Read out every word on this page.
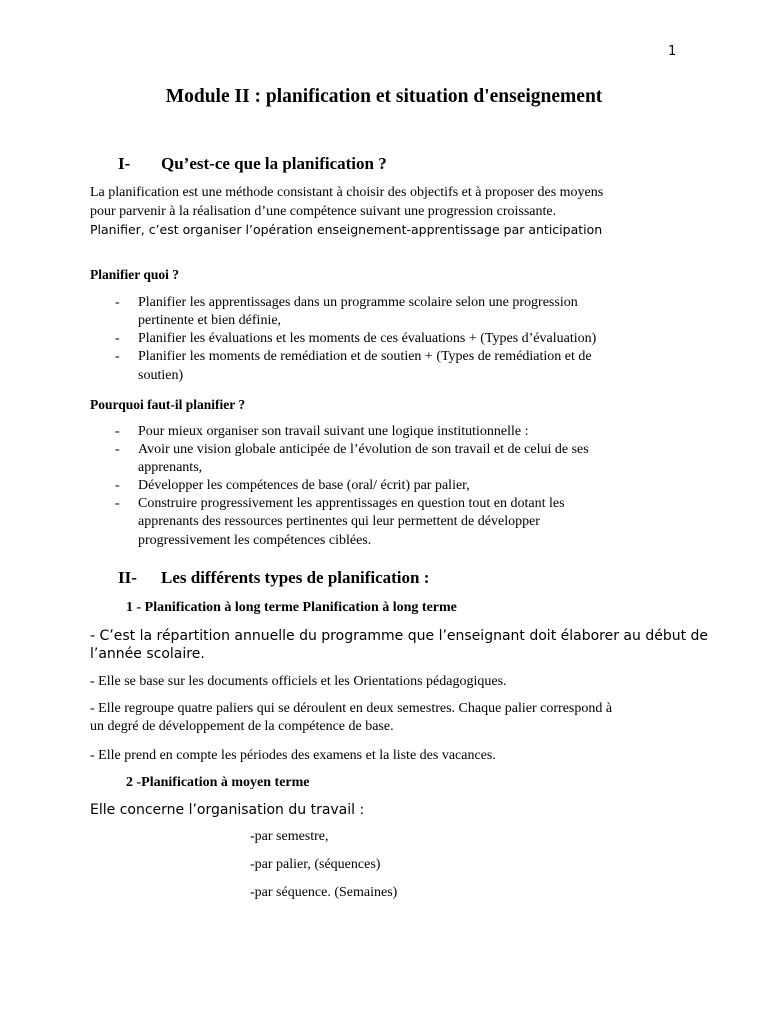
1
Module II : planification et situation d'enseignement
I- Qu’est-ce que la planification ?
La planification est une méthode consistant à choisir des objectifs et à proposer des moyens
pour parvenir à la réalisation d’une compétence suivant une progression croissante.
Planifier, c’est organiser l’opération enseignement-apprentissage par anticipation
Planifier quoi ?
- Planifier les apprentissages dans un programme scolaire selon une progression
pertinente et bien définie,
- Planifier les évaluations et les moments de ces évaluations + (Types d’évaluation)
- Planifier les moments de remédiation et de soutien + (Types de remédiation et de
soutien)
Pourquoi faut-il planifier ?
- Pour mieux organiser son travail suivant une logique institutionnelle :
- Avoir une vision globale anticipée de l’évolution de son travail et de celui de ses
apprenants,
- Développer les compétences de base (oral/ écrit) par palier,
- Construire progressivement les apprentissages en question tout en dotant les
apprenants des ressources pertinentes qui leur permettent de développer
progressivement les compétences ciblées.
II- Les différents types de planification :
1 - Planification à long terme Planification à long terme
- C’est la répartition annuelle du programme que l’enseignant doit élaborer au début de
l’année scolaire.
- Elle se base sur les documents officiels et les Orientations pédagogiques.
- Elle regroupe quatre paliers qui se déroulent en deux semestres. Chaque palier correspond à
un degré de développement de la compétence de base.
- Elle prend en compte les périodes des examens et la liste des vacances.
2 -Planification à moyen terme
Elle concerne l’organisation du travail :
-par semestre,
-par palier, (séquences)
-par séquence. (Semaines)
